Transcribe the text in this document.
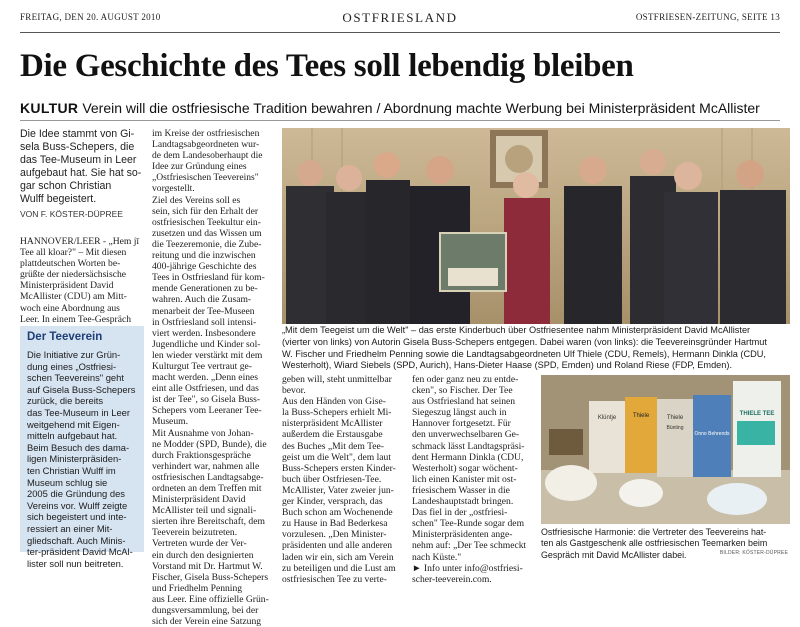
FREITAG, DEN 20. AUGUST 2010	OSTFRIESLAND	OSTFRIESEN-ZEITUNG, SEITE 13
Die Geschichte des Tees soll lebendig bleiben
KULTUR Verein will die ostfriesische Tradition bewahren / Abordnung machte Werbung bei Ministerpräsident McAllister

Die Idee stammt von Gi-

sela Buss-Schepers, die

das Tee-Museum in Leer

aufgebaut hat. Sie hat so-

gar schon Christian

Wulff begeistert.

VON F. KÖSTER-DÜPREE

HANNOVER/LEER - „Hem jī

Tee all kloar?" – Mit diesen

plattdeutschen Worten be-

grüßte der niedersächsische

Ministerpräsident David

McAllister (CDU) am Mitt-

woch eine Abordnung aus

Leer. In einem Tee-Gespräch

Der Teeverein

Die Initiative zur Grün-

dung eines „Ostfriesi-

schen Teevereins" geht

auf Gisela Buss-Schepers

zurück, die bereits

das Tee-Museum in Leer

weitgehend mit Eigen-

mitteln aufgebaut hat.

Beim Besuch des dama-

ligen Ministerpräsiden-

ten Christian Wulff im

Museum schlug sie

2005 die Gründung des

Vereins vor. Wulff zeigte

sich begeistert und inte-

ressiert an einer Mit-

gliedschaft. Auch Minis-

ter-präsident David McAl-

lister soll nun beitreten.

im Kreise der ostfriesischen

Landtagsabgeordneten wur-

de dem Landesoberhaupt die

Idee zur Gründung eines

„Ostfriesischen Teevereins"

vorgestellt.

Ziel des Vereins soll es

sein, sich für den Erhalt der

ostfriesischen Teekultur ein-

zusetzen und das Wissen um

die Teezeremonie, die Zube-

reitung und die inzwischen

400-jährige Geschichte des

Tees in Ostfriesland für kom-

mende Generationen zu be-

wahren. Auch die Zusam-

menarbeit der Tee-Museen

in Ostfriesland soll intensi-

viert werden. Insbesondere

Jugendliche und Kinder sol-

len wieder verstärkt mit dem

Kulturgut Tee vertraut ge-

macht werden. „Denn eines

eint alle Ostfriesen, und das

ist der Tee", so Gisela Buss-

Schepers vom Leeraner Tee-

Museum.

Mit Ausnahme von Johan-

ne Modder (SPD, Bunde), die

durch Fraktionsgespräche

verhindert war, nahmen alle

ostfriesischen Landtagsabge-

ordneten an dem Treffen mit

Ministerpräsident David

McAllister teil und signali-

sierten ihre Bereitschaft, dem

Teeverein beizutreten.

Vertreten wurde der Ver-

ein durch den designierten

Vorstand mit Dr. Hartmut W.

Fischer, Gisela Buss-Schepers

und Friedhelm Penning

aus Leer. Eine offizielle Grün-

dungsversammlung, bei der

sich der Verein eine Satzung

„Mit dem Teegeist um die Welt" – das erste Kinderbuch über Ostfriesentee nahm Ministerpräsident David McAllister

(vierter von links) von Autorin Gisela Buss-Schepers entgegen. Dabei waren (von links): die Teevereinsgründer Hartmut

W. Fischer und Friedhelm Penning sowie die Landtagsabgeordneten Ulf Thiele (CDU, Remels), Hermann Dinkla (CDU,

Westerholt), Wiard Siebels (SPD, Aurich), Hans-Dieter Haase (SPD, Emden) und Roland Riese (FDP, Emden).

geben will, steht unmittelbar

bevor.

Aus den Händen von Gise-

la Buss-Schepers erhielt Mi-

nisterpräsident McAllister

außerdem die Erstausgabe

des Buches „Mit dem Tee-

geist um die Welt", dem laut

Buss-Schepers ersten Kinder-

buch über Ostfriesen-Tee.

McAllister, Vater zweier jun-

ger Kinder, versprach, das

Buch schon am Wochenende

zu Hause in Bad Bederkesa

vorzulesen. „Den Minister-

präsidenten und alle anderen

laden wir ein, sich am Verein

zu beteiligen und die Lust am

ostfriesischen Tee zu verte-

fen oder ganz neu zu entde-

cken", so Fischer. Der Tee

aus Ostfriesland hat seinen

Siegeszug längst auch in

Hannover fortgesetzt. Für

den unverwechselbaren Ge-

schmack lässt Landtagspräsi-

dent Hermann Dinkla (CDU,

Westerholt) sogar wöchent-

lich einen Kanister mit ost-

friesischem Wasser in die

Landeshauptstadt bringen.

Das fiel in der „ostfriesi-

schen" Tee-Runde sogar dem

Ministerpräsidenten ange-

nehm auf: „Der Tee schmeckt

nach Küste."

► Info unter info@ostfriesi-

scher-teeverein.com.

Klüntje	Thiele	Thiele
Bünting
Onno Behrends
THIELE TEE

Ostfriesische Harmonie: die Vertreter des Teevereins hat-

ten als Gastgeschenk alle ostfriesischen Teemarken beim

Gespräch mit David McAllister dabei.	BILDER: KÖSTER-DÜPREE
